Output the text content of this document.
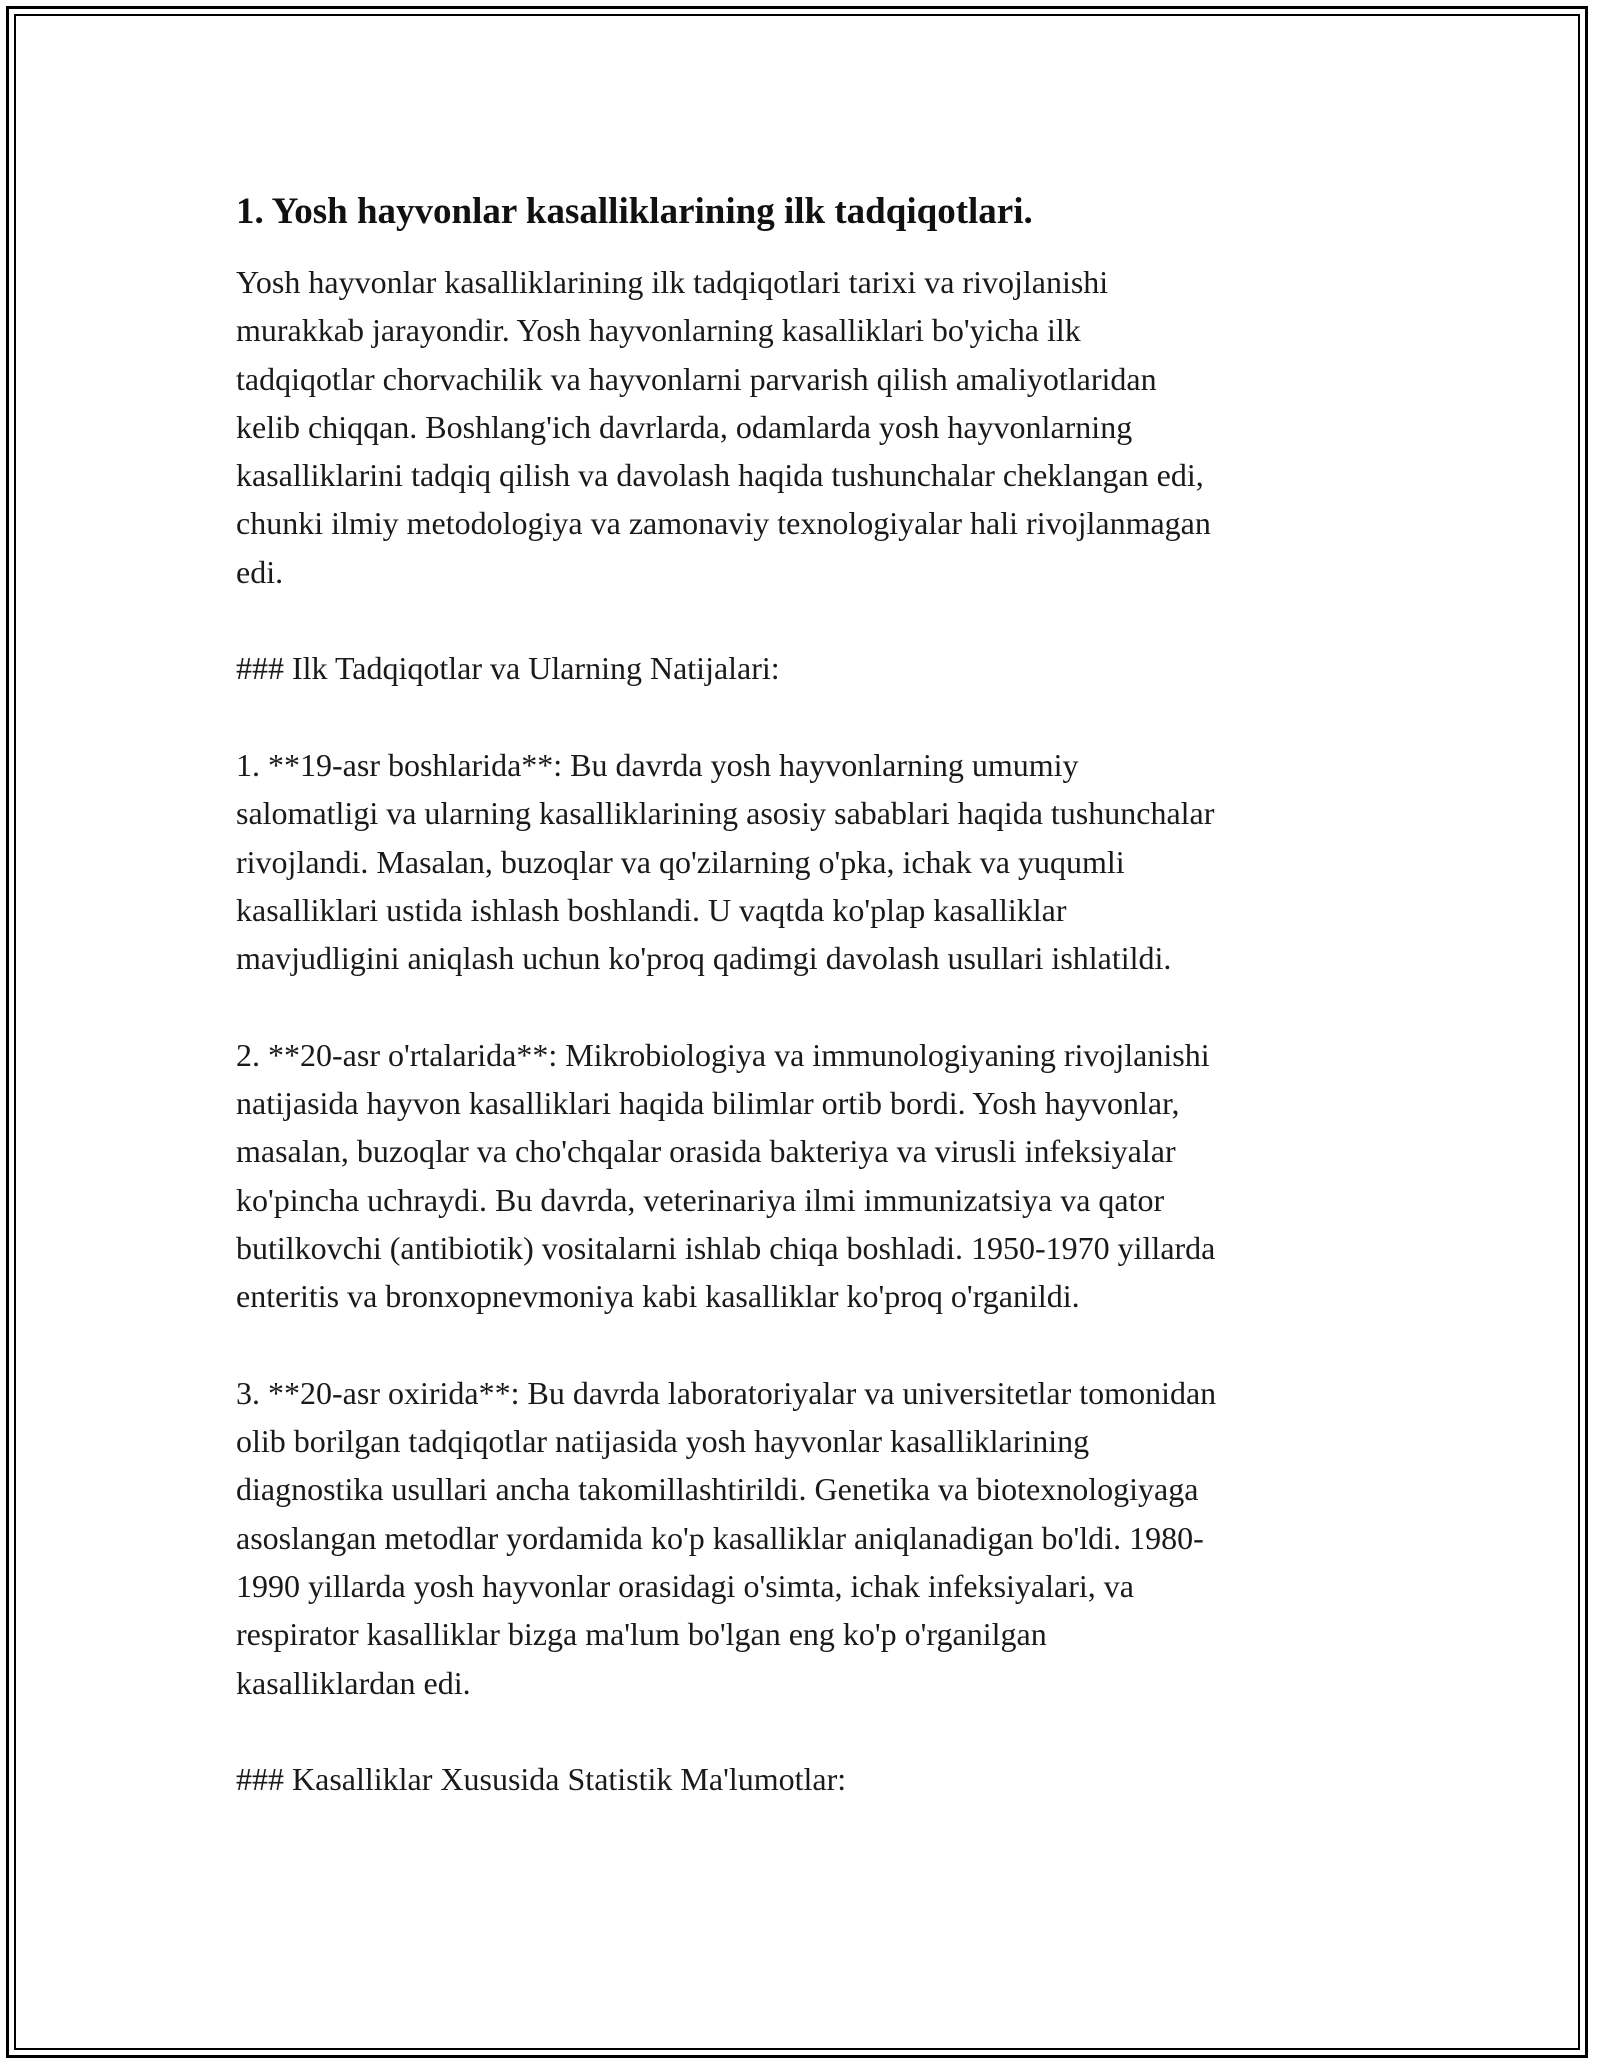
1. Yosh hayvonlar kasalliklarining ilk tadqiqotlari.

Yosh hayvonlar kasalliklarining ilk tadqiqotlari tarixi va rivojlanishi
murakkab jarayondir. Yosh hayvonlarning kasalliklari bo'yicha ilk
tadqiqotlar chorvachilik va hayvonlarni parvarish qilish amaliyotlaridan
kelib chiqqan. Boshlang'ich davrlarda, odamlarda yosh hayvonlarning
kasalliklarini tadqiq qilish va davolash haqida tushunchalar cheklangan edi,
chunki ilmiy metodologiya va zamonaviy texnologiyalar hali rivojlanmagan
edi.

### Ilk Tadqiqotlar va Ularning Natijalari:

1. **19-asr boshlarida**: Bu davrda yosh hayvonlarning umumiy
salomatligi va ularning kasalliklarining asosiy sabablari haqida tushunchalar
rivojlandi. Masalan, buzoqlar va qo'zilarning o'pka, ichak va yuqumli
kasalliklari ustida ishlash boshlandi. U vaqtda ko'plap kasalliklar
mavjudligini aniqlash uchun ko'proq qadimgi davolash usullari ishlatildi.

2. **20-asr o'rtalarida**: Mikrobiologiya va immunologiyaning rivojlanishi
natijasida hayvon kasalliklari haqida bilimlar ortib bordi. Yosh hayvonlar,
masalan, buzoqlar va cho'chqalar orasida bakteriya va virusli infeksiyalar
ko'pincha uchraydi. Bu davrda, veterinariya ilmi immunizatsiya va qator
butilkovchi (antibiotik) vositalarni ishlab chiqa boshladi. 1950-1970 yillarda
enteritis va bronxopnevmoniya kabi kasalliklar ko'proq o'rganildi.

3. **20-asr oxirida**: Bu davrda laboratoriyalar va universitetlar tomonidan
olib borilgan tadqiqotlar natijasida yosh hayvonlar kasalliklarining
diagnostika usullari ancha takomillashtirildi. Genetika va biotexnologiyaga
asoslangan metodlar yordamida ko'p kasalliklar aniqlanadigan bo'ldi. 1980-
1990 yillarda yosh hayvonlar orasidagi o'simta, ichak infeksiyalari, va
respirator kasalliklar bizga ma'lum bo'lgan eng ko'p o'rganilgan
kasalliklardan edi.

### Kasalliklar Xususida Statistik Ma'lumotlar:
